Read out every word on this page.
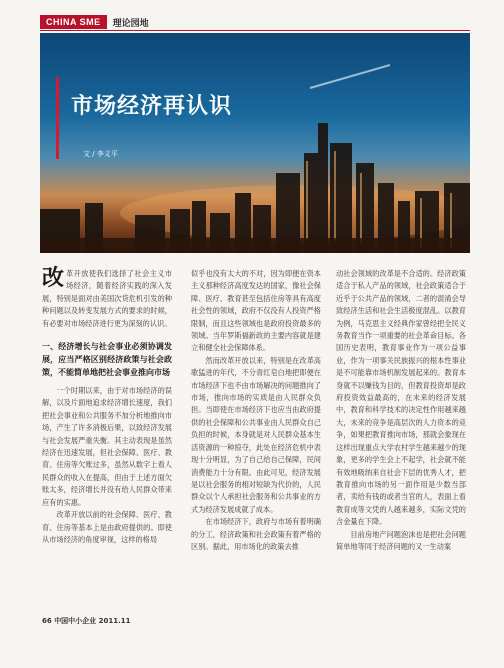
CHINA SME	理论园地
市场经济再认识
文 / 李义平

改革开放使我们选择了社会主义市场经济，随着经济实践的深入发展，特别是面对由美国次贷危机引发的种种问题以及转变发展方式的要求的时候，有必要对市场经济进行更为深刻的认识。

一、经济增长与社会事业必须协调发展，应当严格区别经济政策与社会政策，不能简单地把社会事业推向市场

一个时期以来，由于对市场经济的误解，以及片面地追求经济增长速度，我们把社会事业和公共服务不加分析地推向市场，产生了许多消极后果，以致经济发展与社会发展严重失衡。其主动表现是虽然经济在迅速发展，但社会保障、医疗、教育、住房等欠账过多，虽然从数字上看人民群众的收入在提高，但由于上述方面欠账太多，经济增长并没有给人民群众带来应有的实惠。

改革开放以前的社会保障、医疗、教育、住房等基本上是由政府提供的。即使从市场经济的角度审视，这样的格局

似乎也没有太大的不对，因为即便在资本主义那种经济高度发达的国家，像社会保障、医疗、教育甚至包括住房等具有高度社会性的领域，政府不仅没有人投资严格限制，而且这些领域也是政府投资最多的领域。当年罗斯福新政的主要内容就是建立和健全社会保障体系。

然而改革开放以来，特别是在改革高歌猛进的年代，不分青红皂白地把即便在市场经济下也不由市场解决的问题推向了市场，推向市场的实质是由人民群众负担。当即使在市场经济下也应当由政府提供的社会保障和公共事业由人民群众自己负担的时候，本身就是对人民群众基本生活资源的一种掠夺，此处在经济危机中表现十分明显，为了自己给自己保障，民间消费能力十分有限。由此可见，经济发展是以社会服务的相对短缺为代价的，人民群众以个人承担社会服务和公共事业的方式为经济发展成就了成本。

在市场经济下，政府与市场有着明确的分工，经济政策和社会政策有着严格的区别。据此，用市场化的政策去推

动社会领域的改革是不合适的。经济政策适合于私人产品的领域，社会政策适合于近乎于公共产品的领域，二者的混淆会导致经济生活和社会生活极度混乱。以教育为例，马克思主义经典作家曾经把全民义务教育当作一项重要的社会革命目标。各国历史表明，教育事业作为一项公益事业，作为一项事关民族振兴的根本性事业是不可能靠市场机制发展起来的。教育本身就不以赚钱为目的，但教育投资却是政府投资效益最高的，在未来的经济发展中，教育和科学技术的决定性作用越来越大，未来的竞争是高层次的人力资本的竞争，如果把教育推向市场，那就会象现在这样出现重点大学农村学生越来越少的现象，更多的学生会上不起学，社会就不能有效地吸纳来自社会下层的优秀人才，把教育推向市场的另一面作用是少数当部者，卖给有钱的或者当官的人，表面上看教育成等文凭的人越来越多，实际文凭的含金量在下降。

目前房地产问题泡沫也是把社会问题简单地等同于经济问题的又一生动案

66 中国中小企业 2011.11
